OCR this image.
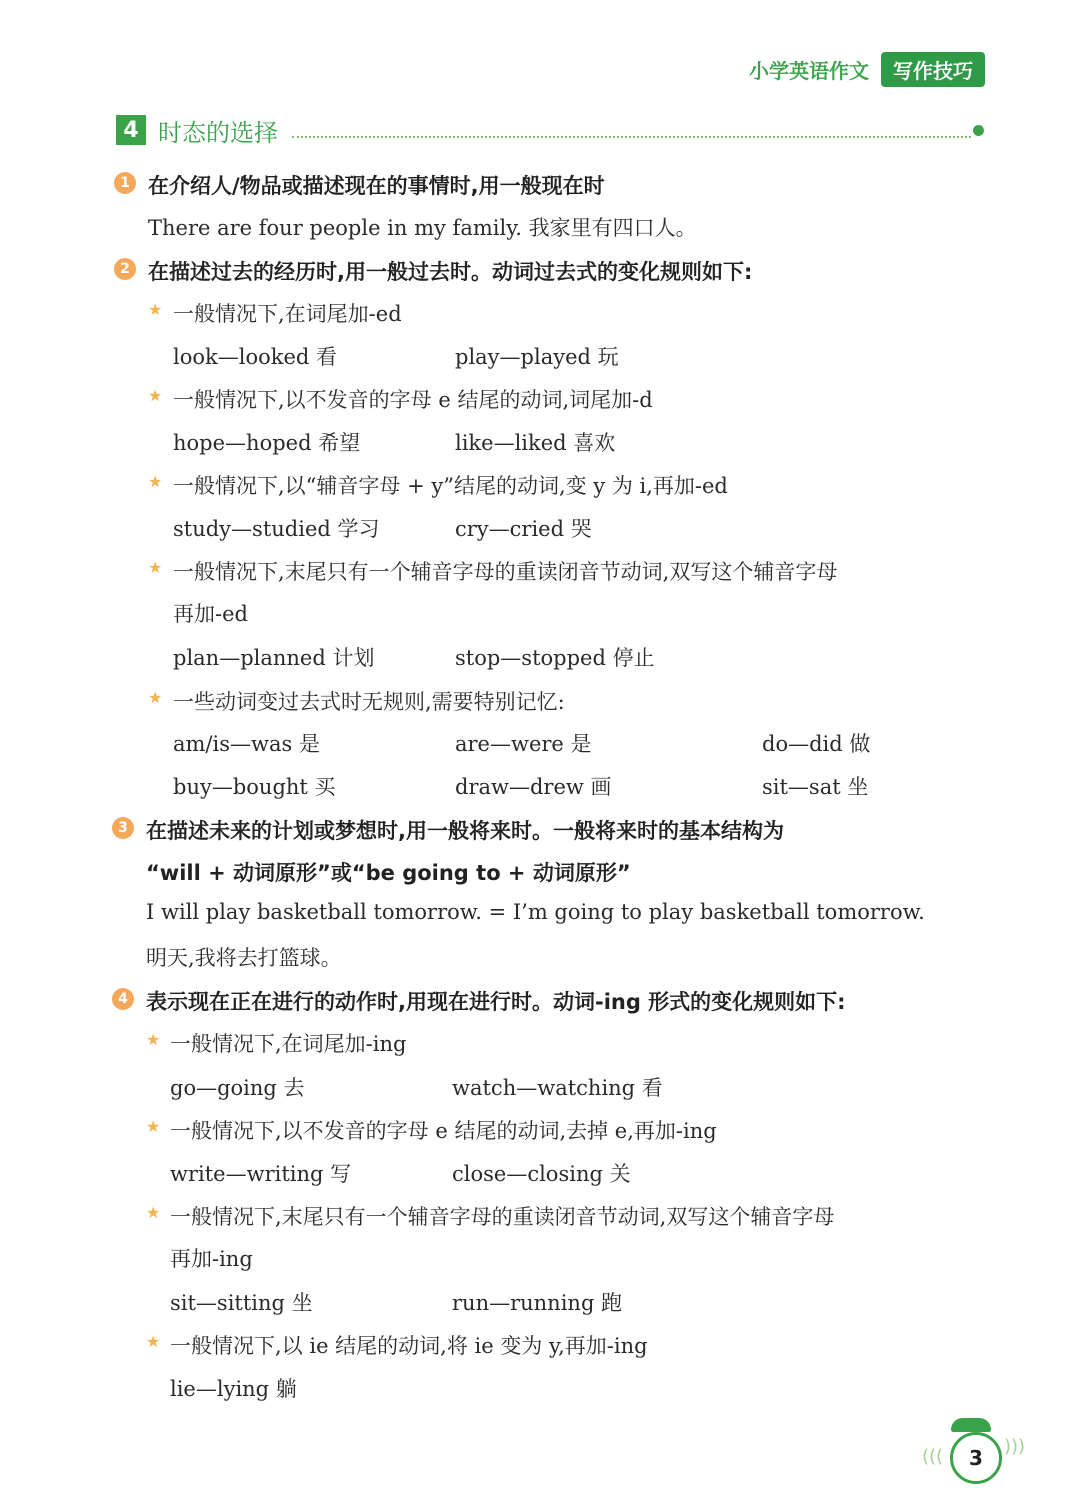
小学英语作文	写作技巧
4 时态的选择
1 在介绍人/物品或描述现在的事情时,用一般现在时
There are four people in my family. 我家里有四口人。
2 在描述过去的经历时,用一般过去时。动词过去式的变化规则如下:
★ 一般情况下,在词尾加-ed
look—looked 看	play—played 玩
★ 一般情况下,以不发音的字母 e 结尾的动词,词尾加-d
hope—hoped 希望	like—liked 喜欢
★ 一般情况下,以“辅音字母 + y”结尾的动词,变 y 为 i,再加-ed
study—studied 学习	cry—cried 哭
★ 一般情况下,末尾只有一个辅音字母的重读闭音节动词,双写这个辅音字母
再加-ed
plan—planned 计划	stop—stopped 停止
★ 一些动词变过去式时无规则,需要特别记忆:
am/is—was 是	are—were 是	do—did 做
buy—bought 买	draw—drew 画	sit—sat 坐
3 在描述未来的计划或梦想时,用一般将来时。一般将来时的基本结构为
“will + 动词原形”或“be going to + 动词原形”
I will play basketball tomorrow. = I’m going to play basketball tomorrow.
明天,我将去打篮球。
4 表示现在正在进行的动作时,用现在进行时。动词-ing 形式的变化规则如下:
★ 一般情况下,在词尾加-ing
go—going 去	watch—watching 看
★ 一般情况下,以不发音的字母 e 结尾的动词,去掉 e,再加-ing
write—writing 写	close—closing 关
★ 一般情况下,末尾只有一个辅音字母的重读闭音节动词,双写这个辅音字母
再加-ing
sit—sitting 坐	run—running 跑
★ 一般情况下,以 ie 结尾的动词,将 ie 变为 y,再加-ing
lie—lying 躺
(((	)))
3
